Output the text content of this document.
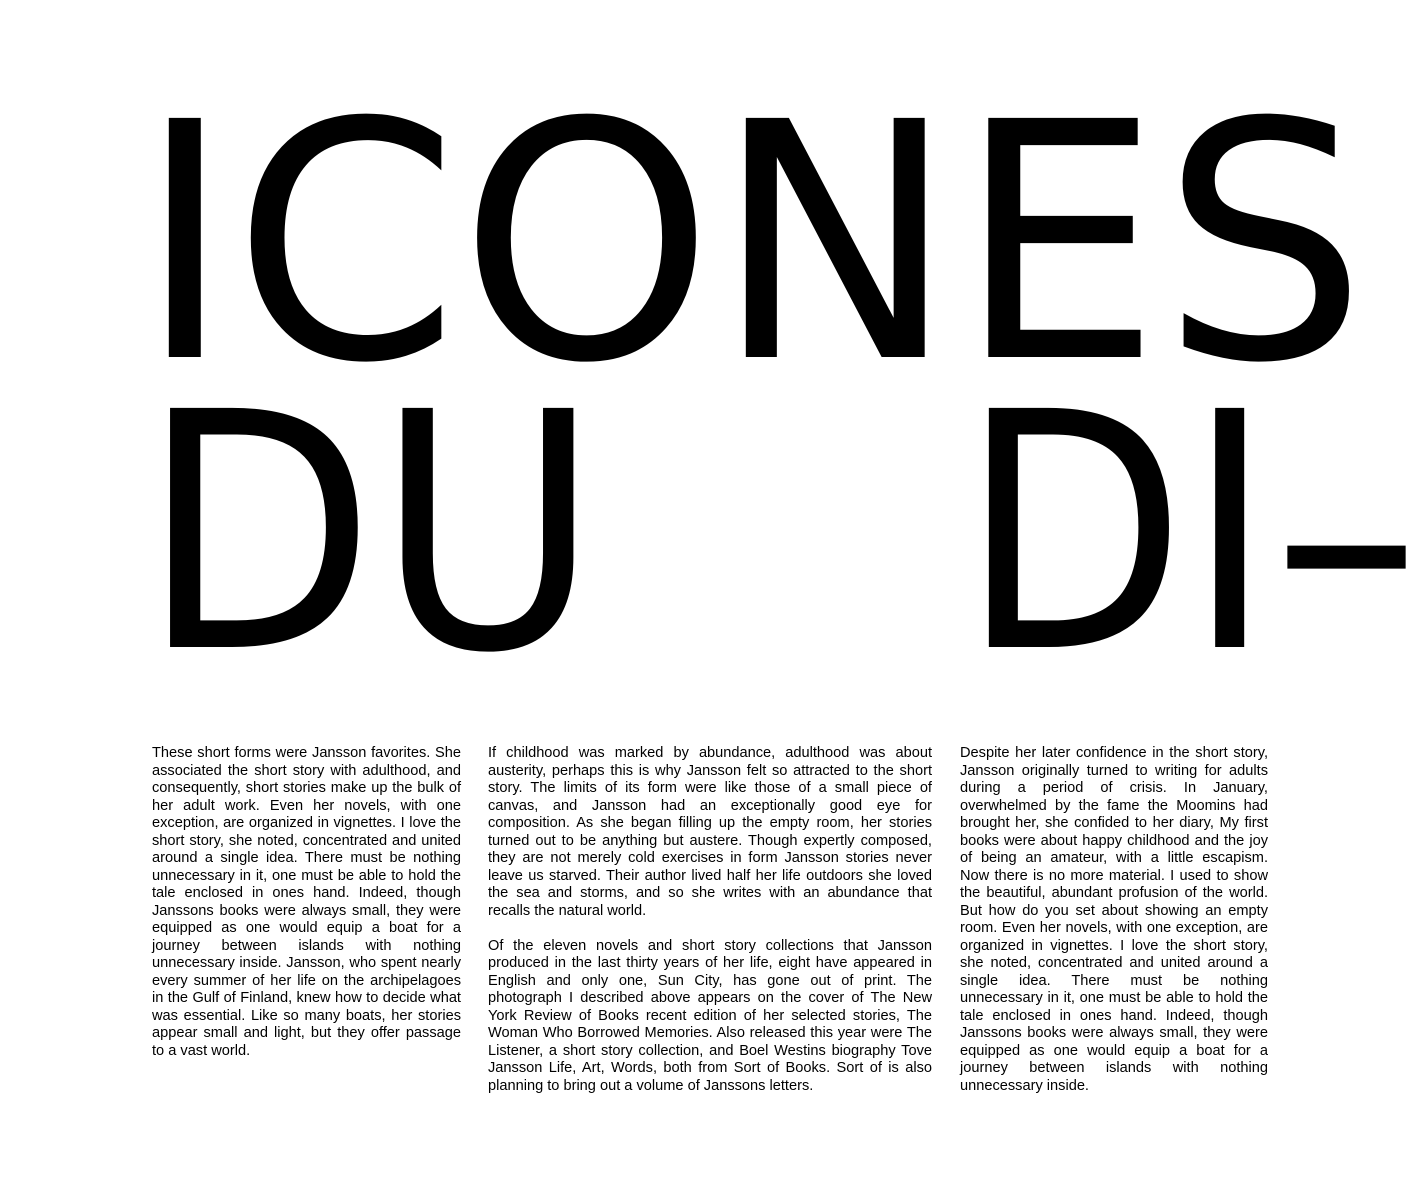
ICONES
DU DI–

These short forms were Jansson favorites. She associated the short story with adulthood, and consequently, short stories make up the bulk of her adult work. Even her novels, with one exception, are organized in vignettes. I love the short story, she noted, concentrated and united around a single idea. There must be nothing unnecessary in it, one must be able to hold the tale enclosed in ones hand. Indeed, though Janssons books were always small, they were equipped as one would equip a boat for a journey between islands with nothing unnecessary inside. Jansson, who spent nearly every summer of her life on the archipelagoes in the Gulf of Finland, knew how to decide what was essential. Like so many boats, her stories appear small and light, but they offer passage to a vast world.

If childhood was marked by abundance, adulthood was about austerity, perhaps this is why Jansson felt so attracted to the short story. The limits of its form were like those of a small piece of canvas, and Jansson had an exceptionally good eye for composition. As she began filling up the empty room, her stories turned out to be anything but austere. Though expertly composed, they are not merely cold exercises in form Jansson stories never leave us starved. Their author lived half her life outdoors she loved the sea and storms, and so she writes with an abundance that recalls the natural world.

Of the eleven novels and short story collections that Jansson produced in the last thirty years of her life, eight have appeared in English and only one, Sun City, has gone out of print. The photograph I described above appears on the cover of The New York Review of Books recent edition of her selected stories, The Woman Who Borrowed Memories. Also released this year were The Listener, a short story collection, and Boel Westins biography Tove Jansson Life, Art, Words, both from Sort of Books. Sort of is also planning to bring out a volume of Janssons letters.

Despite her later confidence in the short story, Jansson originally turned to writing for adults during a period of crisis. In January, overwhelmed by the fame the Moomins had brought her, she confided to her diary, My first books were about happy childhood and the joy of being an amateur, with a little escapism. Now there is no more material. I used to show the beautiful, abundant profusion of the world. But how do you set about showing an empty room. Even her novels, with one exception, are organized in vignettes. I love the short story, she noted, concentrated and united around a single idea. There must be nothing unnecessary in it, one must be able to hold the tale enclosed in ones hand. Indeed, though Janssons books were always small, they were equipped as one would equip a boat for a journey between islands with nothing unnecessary inside.
